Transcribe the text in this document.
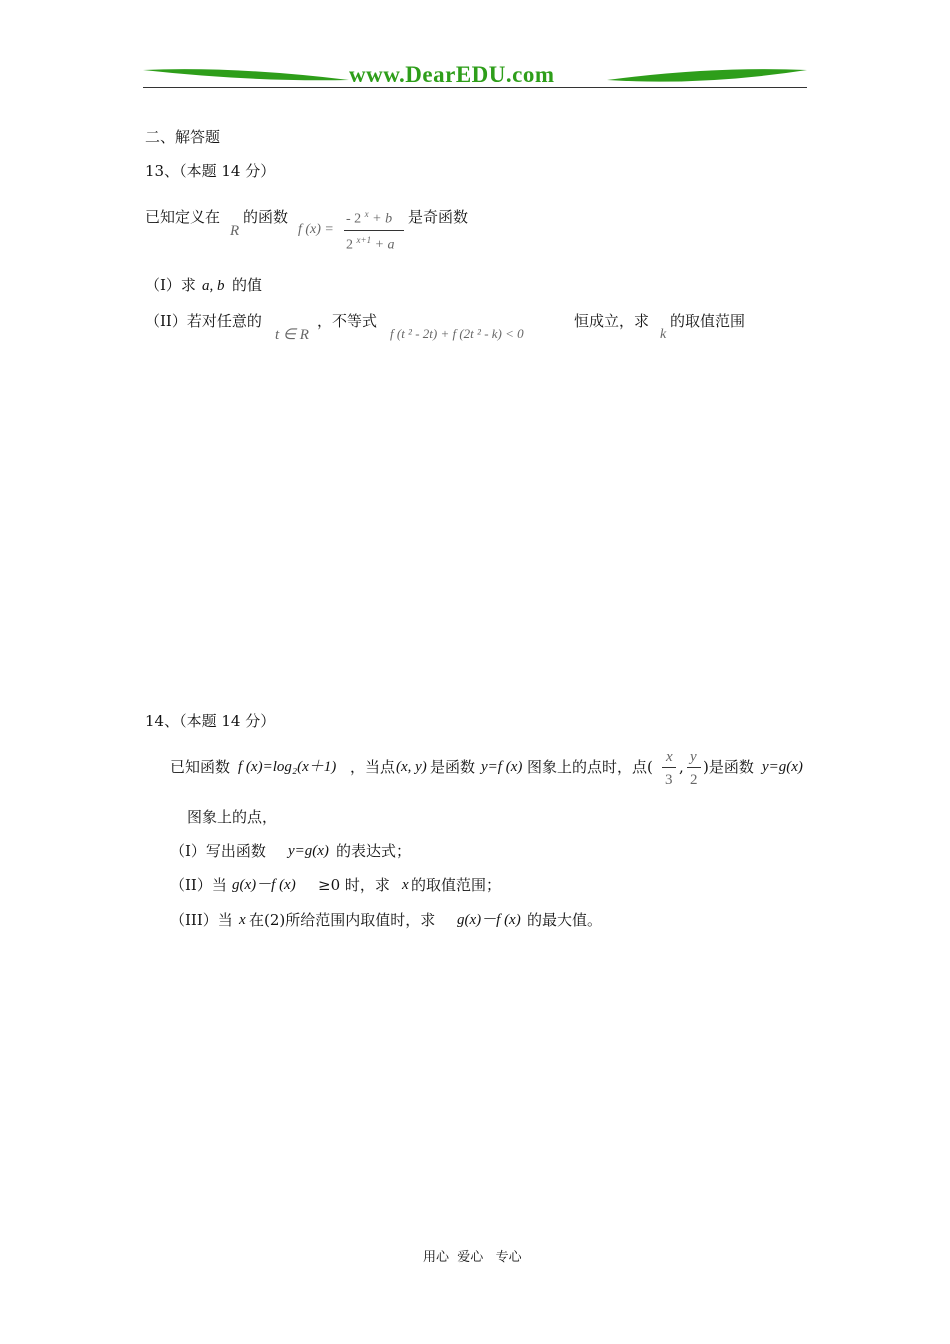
www.DearEDU.com
二、解答题
13、（本题 14 分）
已知定义在
R
的函数
f (x) =
- 2 $^x$ + b
2 $^{x+1}$ + a
是奇函数
（I）求 a, b 的值
（II）若对任意的
t ∈ R
，不等式
f (t ² - 2t) + f (2t ² - k) < 0
恒成立，求
k
的取值范围
14、（本题 14 分）
已知函数 f (x)=log₂(x＋1) ，当点 (x, y) 是函数 y=f (x) 图象上的点时，点(
x
3
,
y
2
)是函数 y=g(x)
图象上的点，
（I）写出函数 y=g(x) 的表达式；
（II）当 g(x)－f (x) ≥0 时，求 x 的取值范围；
（III）当 x 在(2)所给范围内取值时，求 g(x)－f (x) 的最大值。
用心  爱心   专心
